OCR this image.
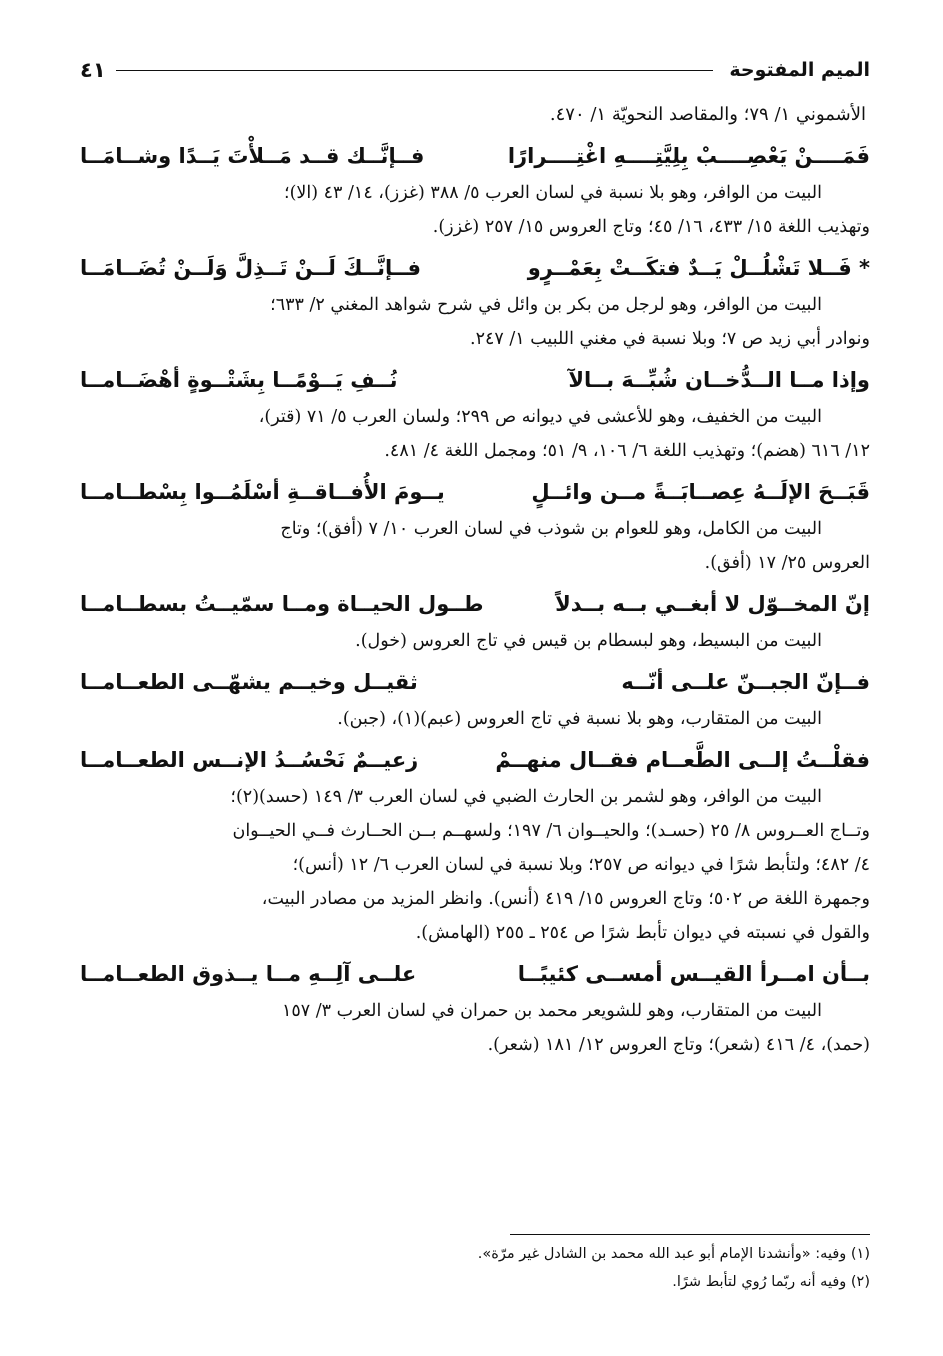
الميم المفتوحة
٤١
الأشموني ١/ ٧٩؛ والمقاصد النحويّة ١/ ٤٧٠.
فَمَــــنْ يَعْصِــــبْ بِلِيَّتِــــهِ اغْتِــــرارًا
فــإنَّــك قــد مَــلأْتَ يَــدًا وشــامَــا
البيت من الوافر، وهو بلا نسبة في لسان العرب ٥/ ٣٨٨ (غزز)، ١٤/ ٤٣ (الا)؛
وتهذيب اللغة ١٥/ ٤٣٣، ١٦/ ٤٥؛ وتاج العروس ١٥/ ٢٥٧ (غزز).
* فَــلا تَشْلُــلْ يَــدٌ فتكَــتْ بِعَمْــرٍو
فــإنَّــكَ لَــنْ تَــذِلَّ وَلَــنْ تُضَــامَــا
البيت من الوافر، وهو لرجل من بكر بن وائل في شرح شواهد المغني ٢/ ٦٣٣؛
ونوادر أبي زيد ص ٧؛ وبلا نسبة في مغني اللبيب ١/ ٢٤٧.
وإذا مــا الــدُّخــان شُبِّــهَ بــالآ
نُــفِ يَــوْمًــا بِشَتْــوةٍ أهْضَــامــا
البيت من الخفيف، وهو للأعشى في ديوانه ص ٢٩٩؛ ولسان العرب ٥/ ٧١ (قتر)،
١٢/ ٦١٦ (هضم)؛ وتهذيب اللغة ٦/ ١٠٦، ٩/ ٥١؛ ومجمل اللغة ٤/ ٤٨١.
قَبَــحَ الإلَــهُ عِصــابَــةً مــن وائــلٍ
يــومَ الأُفــاقــةِ أسْلَمُــوا بِسْطــامــا
البيت من الكامل، وهو للعوام بن شوذب في لسان العرب ١٠/ ٧ (أفق)؛ وتاج
العروس ٢٥/ ١٧ (أفق).
إنّ المخــوّل لا أبغــي بــه بــدلاً
طــول الحيــاة ومــا سمّيــتُ بسطــامــا
البيت من البسيط، وهو لبسطام بن قيس في تاج العروس (خول).
فــإنّ الجبــنّ علــى أنّــه
ثقيــل وخيــم يشهّــى الطعــامــا
البيت من المتقارب، وهو بلا نسبة في تاج العروس (عبم)(١)، (جبن).
فقلْــتُ إلــى الطَّعــام فقــال منهــمْ
زعيــمٌ نَحْسُــدُ الإنــس الطعــامــا
البيت من الوافر، وهو لشمر بن الحارث الضبي في لسان العرب ٣/ ١٤٩ (حسد)(٢)؛
وتــاج العــروس ٨/ ٢٥ (حسـد)؛ والحيــوان ٦/ ١٩٧؛ ولسهــم بــن الحــارث فــي الحيــوان
٤/ ٤٨٢؛ ولتأبط شرًا في ديوانه ص ٢٥٧؛ وبلا نسبة في لسان العرب ٦/ ١٢ (أنس)؛
وجمهرة اللغة ص ٥٠٢؛ وتاج العروس ١٥/ ٤١٩ (أنس). وانظر المزيد من مصادر البيت،
والقول في نسبته في ديوان تأبط شرًا ص ٢٥٤ ـ ٢٥٥ (الهامش).
بــأن امــرأ القيــس أمســى كئيبًــا
علــى آلِــهِ مــا يــذوق الطعــامــا
البيت من المتقارب، وهو للشويعر محمد بن حمران في لسان العرب ٣/ ١٥٧
(حمد)، ٤/ ٤١٦ (شعر)؛ وتاج العروس ١٢/ ١٨١ (شعر).
(١) وفيه: «وأنشدنا الإمام أبو عبد الله محمد بن الشادل غير مرّة».
(٢) وفيه أنه ربّما رُوي لتأبط شرًا.
